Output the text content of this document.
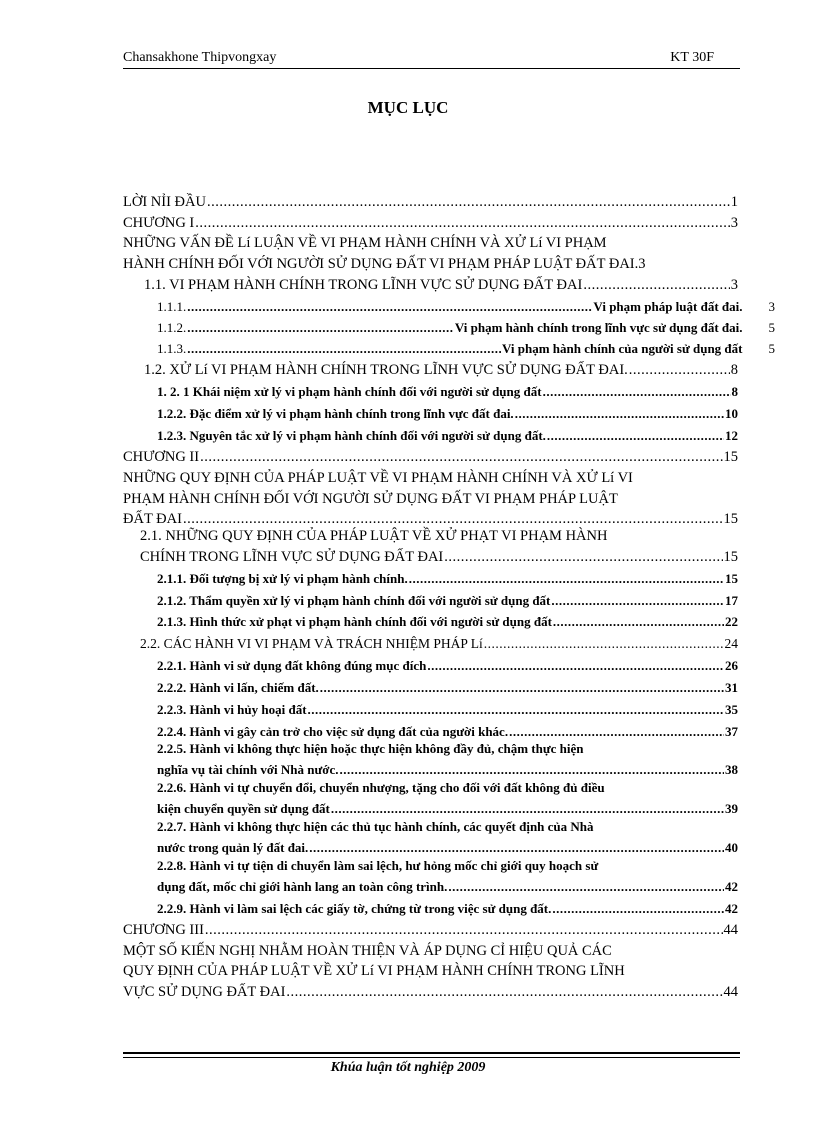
Chansakhone Thipvongxay	KT 30F
MỤC LỤC
LỜI NỈI ĐẦU .....	1
CHƯƠNG I .....	3
NHỮNG VẤN ĐỀ Lí LUẬN VỀ VI PHẠM HÀNH CHÍNH VÀ XỬ Lí VI PHẠM
HÀNH CHÍNH ĐỐI VỚI NGƯỜI SỬ DỤNG ĐẤT VI PHẠM PHÁP LUẬT ĐẤT ĐAI.3
1.1. VI PHẠM HÀNH CHÍNH TRONG LĨNH VỰC SỬ DỤNG ĐẤT ĐAI .....	3
1.1.1. .....	Vi phạm pháp luật đất đai. 3
1.1.2. .....	Vi phạm hành chính trong lĩnh vực sử dụng đất đai. 5
1.1.3. .....	Vi phạm hành chính của người sử dụng đất 5
1.2. XỬ Lí VI PHẠM HÀNH CHÍNH TRONG LĨNH VỰC SỬ DỤNG ĐẤT ĐAI. .....	8
1. 2. 1 Khái niệm xử lý vi phạm hành chính đối với người sử dụng đất .....	8
1.2.2. Đặc điểm xử lý vi phạm hành chính trong lĩnh vực đất đai. .....	10
1.2.3. Nguyên tắc xử lý vi phạm hành chính đối với người sử dụng đất. .....	12
CHƯƠNG II .....	15
NHỮNG QUY ĐỊNH CỦA PHÁP LUẬT VỀ VI PHẠM HÀNH CHÍNH VÀ XỬ Lí VI
PHẠM HÀNH CHÍNH ĐỐI VỚI NGƯỜI SỬ DỤNG ĐẤT VI PHẠM PHÁP LUẬT
ĐẤT ĐAI .....	15
2.1. NHỮNG QUY ĐỊNH CỦA PHÁP LUẬT VỀ XỬ PHẠT VI PHẠM HÀNH
CHÍNH TRONG LĨNH VỰC SỬ DỤNG ĐẤT ĐAI .....	15
2.1.1. Đối tượng bị xử lý vi phạm hành chính. .....	15
2.1.2. Thẩm quyền xử lý vi phạm hành chính đối với người sử dụng đất .....	17
2.1.3. Hình thức xử phạt vi phạm hành chính đối với người sử dụng đất .....	22
2.2. CÁC HÀNH VI VI PHẠM VÀ TRÁCH NHIỆM PHÁP Lí .....	24
2.2.1. Hành vi sử dụng đất không đúng mục đích .....	26
2.2.2. Hành vi lấn, chiếm đất. .....	31
2.2.3. Hành vi hủy hoại đất .....	35
2.2.4. Hành vi gây cản trở cho việc sử dụng đất của người khác. .....	37
2.2.5. Hành vi không thực hiện hoặc thực hiện không đầy đủ, chậm thực hiện
nghĩa vụ tài chính với Nhà nước. .....	38
2.2.6. Hành vi tự chuyển đổi, chuyển nhượng, tặng cho đối với đất không đủ điều
kiện chuyển quyền sử dụng đất .....	39
2.2.7. Hành vi không thực hiện các thủ tục hành chính, các quyết định của Nhà
nước trong quản lý đất đai. .....	40
2.2.8. Hành vi tự tiện di chuyển làm sai lệch, hư hỏng mốc chỉ giới quy hoạch sử
dụng đất, mốc chỉ giới hành lang an toàn công trình. .....	42
2.2.9. Hành vi làm sai lệch các giấy tờ, chứng từ trong việc sử dụng đất. .....	42
CHƯƠNG III .....	44
MỘT SỐ KIẾN NGHỊ NHẰM HOÀN THIỆN VÀ ÁP DỤNG CỈ HIỆU QUẢ CÁC
QUY ĐỊNH CỦA PHÁP LUẬT VỀ XỬ Lí VI PHẠM HÀNH CHÍNH TRONG LĨNH
VỰC SỬ DỤNG ĐẤT ĐAI .....	44
Khúa luận tốt nghiệp 2009
